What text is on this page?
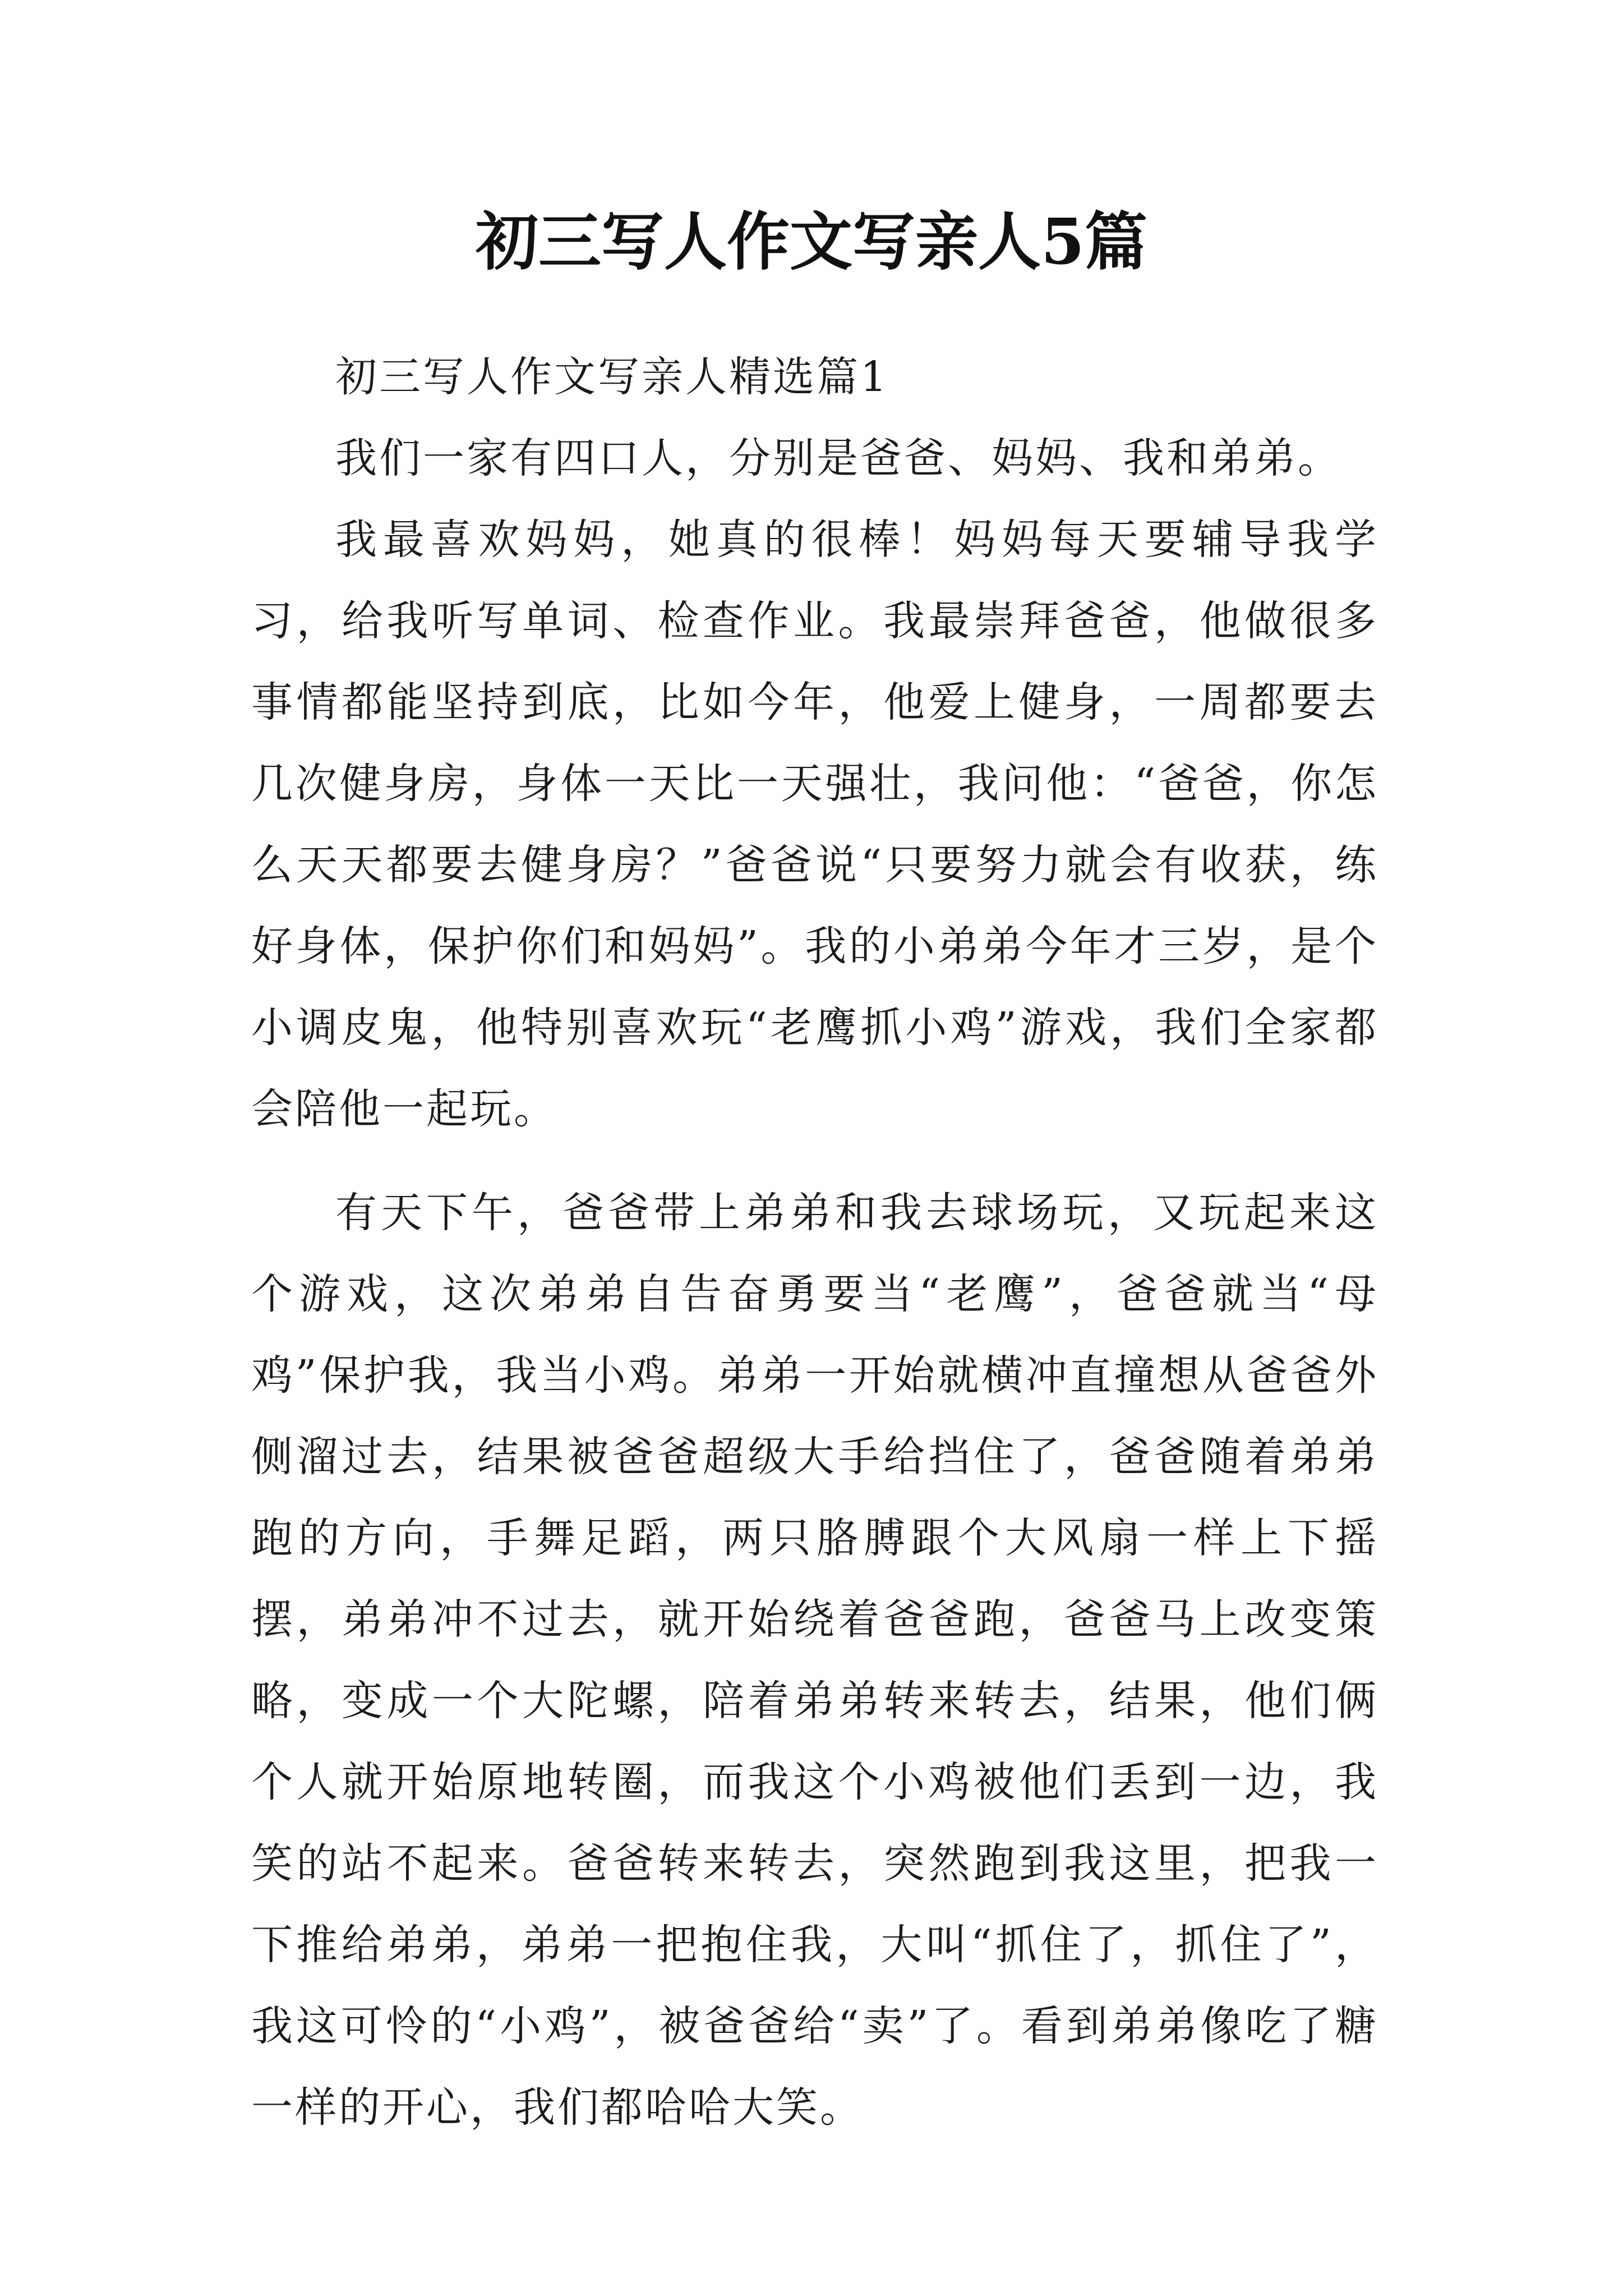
初三写人作文写亲人5篇

初三写人作文写亲人精选篇1

我们一家有四口人，分别是爸爸、妈妈、我和弟弟。

我最喜欢妈妈，她真的很棒！妈妈每天要辅导我学习，给我听写单词、检查作业。我最崇拜爸爸，他做很多事情都能坚持到底，比如今年，他爱上健身，一周都要去几次健身房，身体一天比一天强壮，我问他：“爸爸，你怎么天天都要去健身房？”爸爸说“只要努力就会有收获，练好身体，保护你们和妈妈”。我的小弟弟今年才三岁，是个小调皮鬼，他特别喜欢玩“老鹰抓小鸡”游戏，我们全家都会陪他一起玩。

有天下午，爸爸带上弟弟和我去球场玩，又玩起来这个游戏，这次弟弟自告奋勇要当“老鹰”，爸爸就当“母鸡”保护我，我当小鸡。弟弟一开始就横冲直撞想从爸爸外侧溜过去，结果被爸爸超级大手给挡住了，爸爸随着弟弟跑的方向，手舞足蹈，两只胳膊跟个大风扇一样上下摇摆，弟弟冲不过去，就开始绕着爸爸跑，爸爸马上改变策略，变成一个大陀螺，陪着弟弟转来转去，结果，他们俩个人就开始原地转圈，而我这个小鸡被他们丢到一边，我笑的站不起来。爸爸转来转去，突然跑到我这里，把我一下推给弟弟，弟弟一把抱住我，大叫“抓住了，抓住了”，我这可怜的“小鸡”，被爸爸给“卖”了。看到弟弟像吃了糖一样的开心，我们都哈哈大笑。
